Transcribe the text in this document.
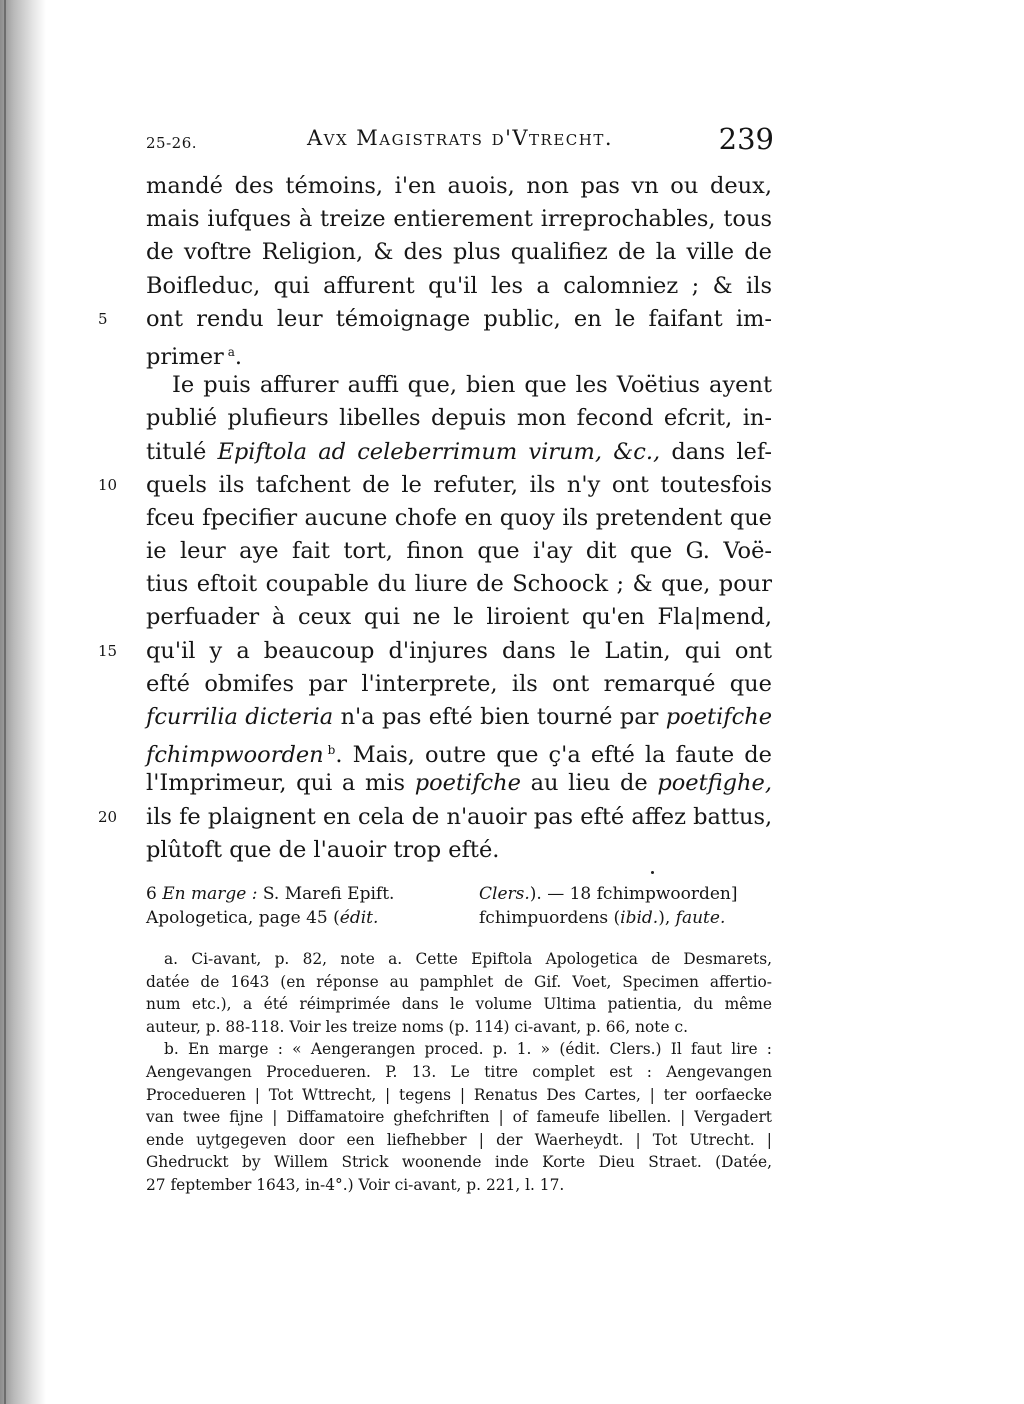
25-26.	Avx Magistrats d'Vtrecht.	239
mandé des témoins, i'en auois, non pas vn ou deux,
mais iufques à treize entierement irreprochables, tous
de voftre Religion, & des plus qualifiez de la ville de
Boifleduc, qui affurent qu'il les a calomniez ; & ils
5	ont rendu leur témoignage public, en le faifant im-
primer $^a$.
Ie puis affurer auffi que, bien que les Voëtius ayent
publié plufieurs libelles depuis mon fecond efcrit, in-
titulé Epiftola ad celeberrimum virum, &c., dans lef-
10 quels ils tafchent de le refuter, ils n'y ont toutesfois
fceu fpecifier aucune chofe en quoy ils pretendent que
ie leur aye fait tort, finon que i'ay dit que G. Voë-
tius eftoit coupable du liure de Schoock ; & que, pour
perfuader à ceux qui ne le liroient qu'en Fla|mend,
15 qu'il y a beaucoup d'injures dans le Latin, qui ont
efté obmifes par l'interprete, ils ont remarqué que
fcurrilia dicteria n'a pas efté bien tourné par poetifche
fchimpwoorden $^b$. Mais, outre que ç'a efté la faute de
l'Imprimeur, qui a mis poetifche au lieu de poetfighe,
20 ils fe plaignent en cela de n'auoir pas efté affez battus,
plûtoft que de l'auoir trop efté.
6 En marge : S. Marefi Epift.	Clers.). — 18 fchimpwoorden]
Apologetica, page 45 (édit.	fchimpuordens (ibid.), faute.
a. Ci-avant, p. 82, note a. Cette Epiftola Apologetica de Desmarets,
datée de 1643 (en réponse au pamphlet de Gif. Voet, Specimen affertio-
num etc.), a été réimprimée dans le volume Ultima patientia, du même
auteur, p. 88-118. Voir les treize noms (p. 114) ci-avant, p. 66, note c.
b. En marge : « Aengerangen proced. p. 1. » (édit. Clers.) Il faut lire :
Aengevangen Procedueren. P. 13. Le titre complet est : Aengevangen
Procedueren | Tot Wttrecht, | tegens | Renatus Des Cartes, | ter oorfaecke
van twee fijne | Diffamatoire ghefchriften | of fameufe libellen. | Vergadert
ende uytgegeven door een liefhebber | der Waerheydt. | Tot Utrecht. |
Ghedruckt by Willem Strick woonende inde Korte Dieu Straet. (Datée,
27 feptember 1643, in-4°.) Voir ci-avant, p. 221, l. 17.
